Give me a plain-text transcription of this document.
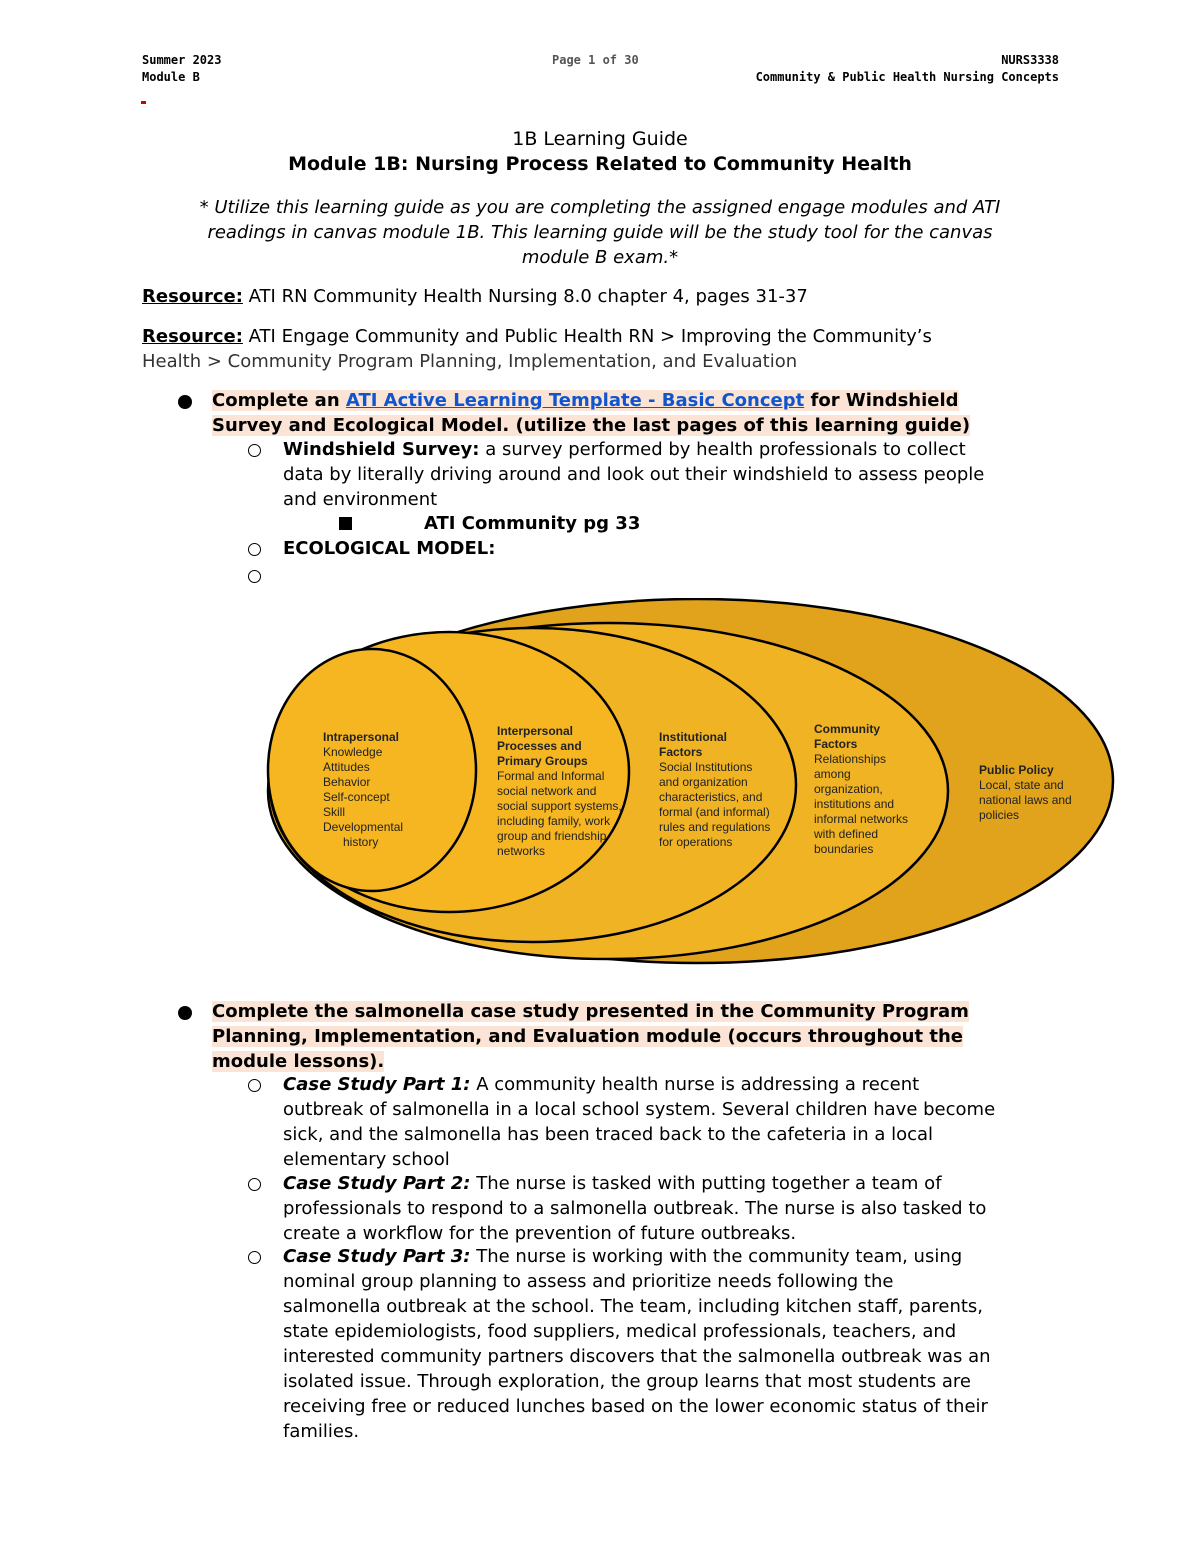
Summer 2023
Module B
Page 1 of 30	NURS3338
Community & Public Health Nursing Concepts
1B Learning Guide
Module 1B: Nursing Process Related to Community Health
* Utilize this learning guide as you are completing the assigned engage modules and ATI
readings in canvas module 1B. This learning guide will be the study tool for the canvas
module B exam.*
Resource: ATI RN Community Health Nursing 8.0 chapter 4, pages 31-37
Resource: ATI Engage Community and Public Health RN > Improving the Community’s
Health > Community Program Planning, Implementation, and Evaluation
Complete an ATI Active Learning Template - Basic Concept for Windshield
Survey and Ecological Model. (utilize the last pages of this learning guide)
Windshield Survey: a survey performed by health professionals to collect
data by literally driving around and look out their windshield to assess people
and environment
ATI Community pg 33
ECOLOGICAL MODEL:
Intrapersonal
Knowledge
Attitudes
Behavior
Self-concept
Skill
Developmental
history
Interpersonal
Processes and
Primary Groups
Formal and Informal
social network and
social support systems,
including family, work
group and friendship
networks
Institutional
Factors
Social Institutions
and organization
characteristics, and
formal (and informal)
rules and regulations
for operations
Community
Factors
Relationships
among
organization,
institutions and
informal networks
with defined
boundaries
Public Policy
Local, state and
national laws and
policies
Complete the salmonella case study presented in the Community Program
Planning, Implementation, and Evaluation module (occurs throughout the
module lessons).
Case Study Part 1: A community health nurse is addressing a recent
outbreak of salmonella in a local school system. Several children have become
sick, and the salmonella has been traced back to the cafeteria in a local
elementary school
Case Study Part 2: The nurse is tasked with putting together a team of
professionals to respond to a salmonella outbreak. The nurse is also tasked to
create a workflow for the prevention of future outbreaks.
Case Study Part 3: The nurse is working with the community team, using
nominal group planning to assess and prioritize needs following the
salmonella outbreak at the school. The team, including kitchen staff, parents,
state epidemiologists, food suppliers, medical professionals, teachers, and
interested community partners discovers that the salmonella outbreak was an
isolated issue. Through exploration, the group learns that most students are
receiving free or reduced lunches based on the lower economic status of their
families.
